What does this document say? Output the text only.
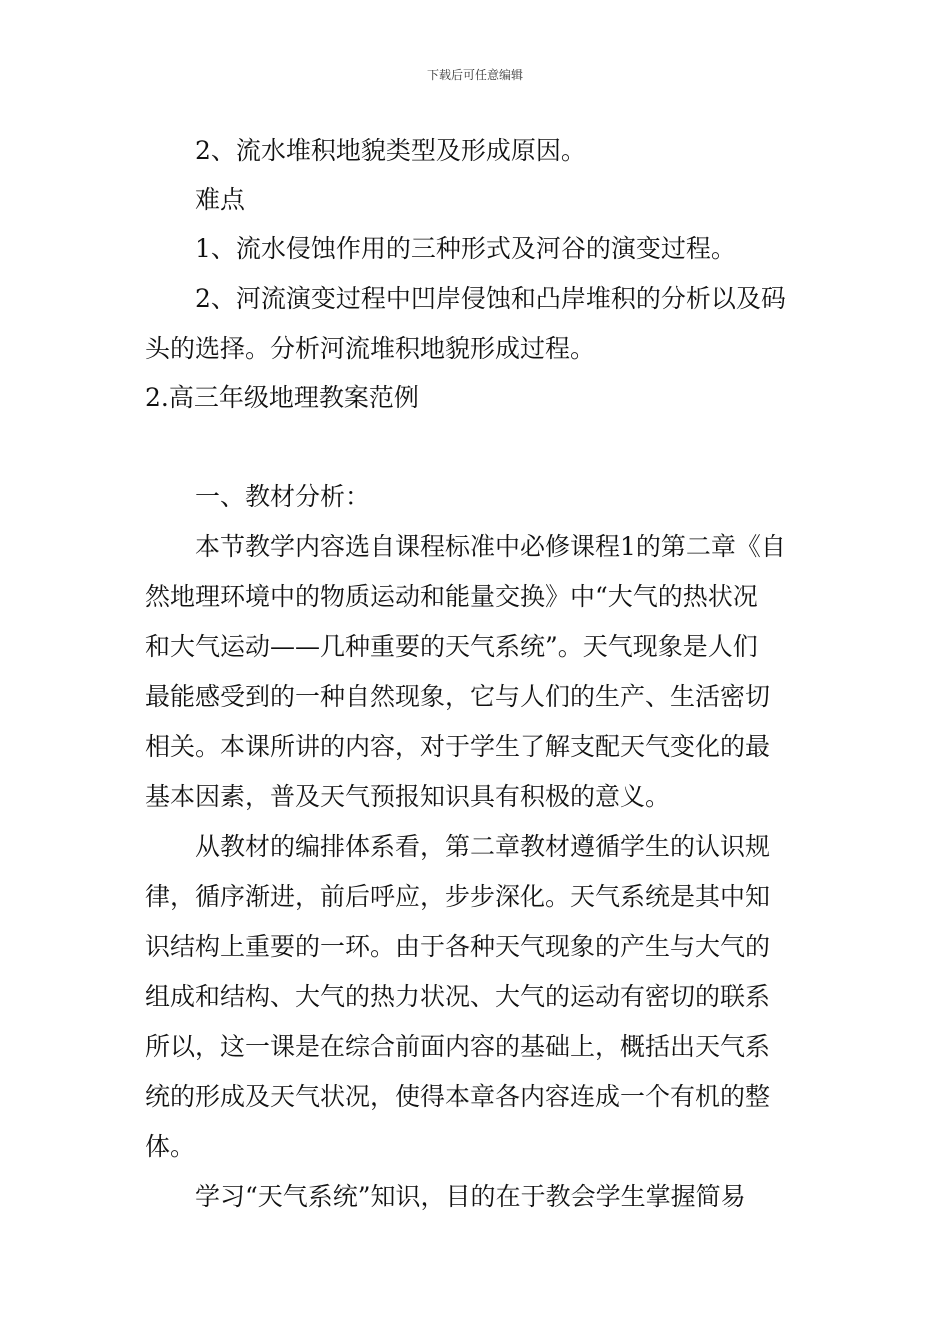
下载后可任意编辑
2、流水堆积地貌类型及形成原因。
难点
1、流水侵蚀作用的三种形式及河谷的演变过程。
2、河流演变过程中凹岸侵蚀和凸岸堆积的分析以及码
头的选择。分析河流堆积地貌形成过程。
2.高三年级地理教案范例
一、教材分析：
本节教学内容选自课程标准中必修课程1的第二章《自
然地理环境中的物质运动和能量交换》中“大气的热状况
和大气运动——几种重要的天气系统”。天气现象是人们
最能感受到的一种自然现象，它与人们的生产、生活密切
相关。本课所讲的内容，对于学生了解支配天气变化的最
基本因素，普及天气预报知识具有积极的意义。
从教材的编排体系看，第二章教材遵循学生的认识规
律，循序渐进，前后呼应，步步深化。天气系统是其中知
识结构上重要的一环。由于各种天气现象的产生与大气的
组成和结构、大气的热力状况、大气的运动有密切的联系
所以，这一课是在综合前面内容的基础上，概括出天气系
统的形成及天气状况，使得本章各内容连成一个有机的整
体。
学习“天气系统”知识，目的在于教会学生掌握简易
